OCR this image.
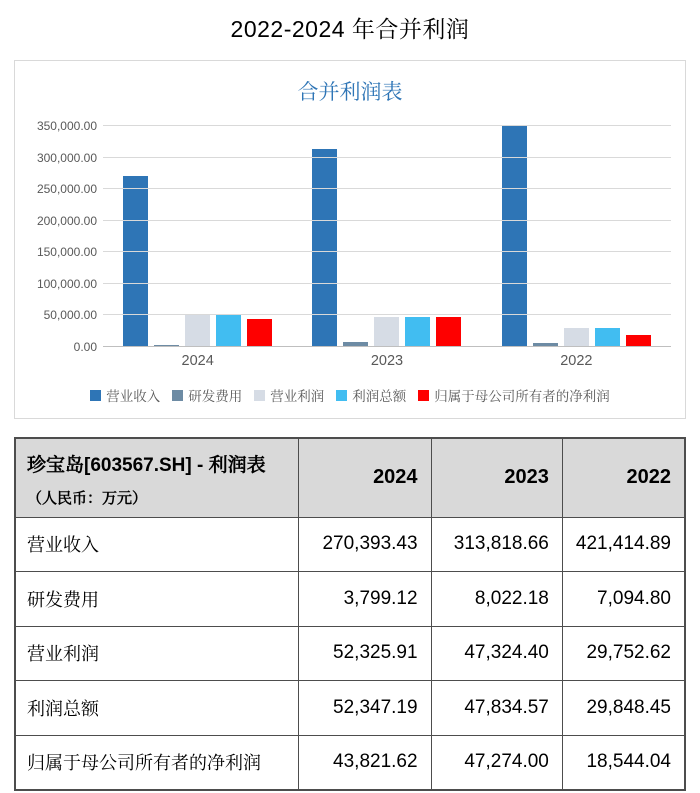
2022-2024 年合并利润
合并利润表
0.00
50,000.00
100,000.00
150,000.00
200,000.00
250,000.00
300,000.00
350,000.00
2024	2023	2022
营业收入 研发费用 营业利润 利润总额 归属于母公司所有者的净利润
珍宝岛[603567.SH] - 利润表
（人民币：万元）	2024	2023	2022
营业收入	270,393.43	313,818.66	421,414.89
研发费用	3,799.12	8,022.18	7,094.80
营业利润	52,325.91	47,324.40	29,752.62
利润总额	52,347.19	47,834.57	29,848.45
归属于母公司所有者的净利润	43,821.62	47,274.00	18,544.04
